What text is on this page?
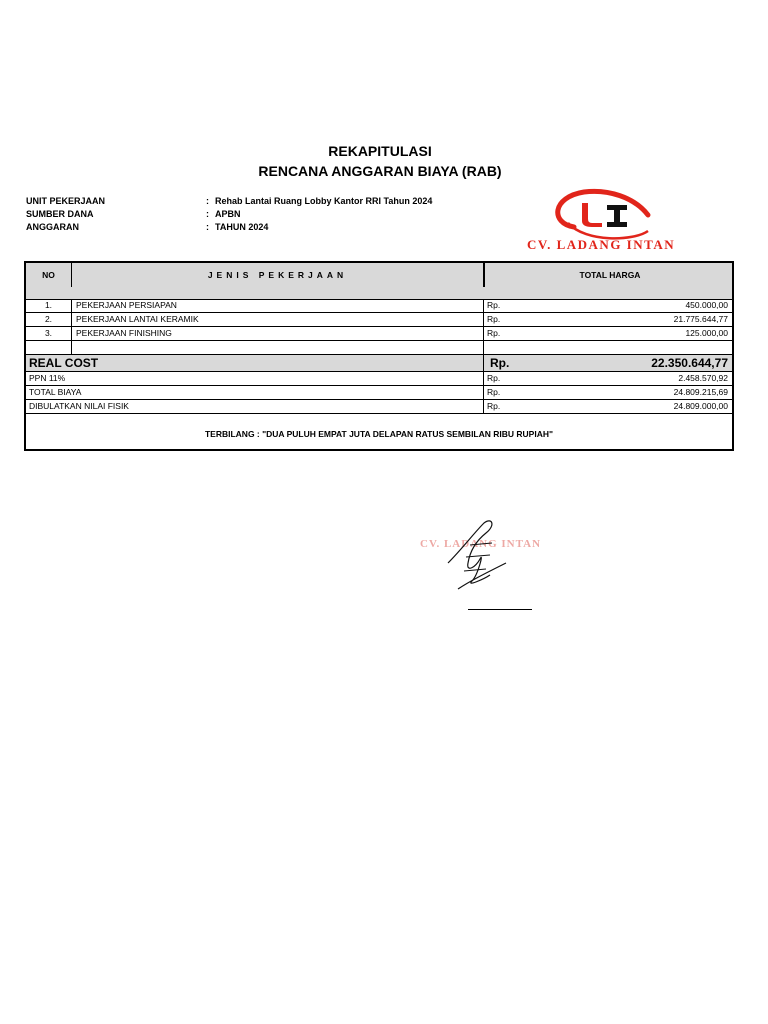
REKAPITULASI
RENCANA ANGGARAN BIAYA (RAB)
UNIT PEKERJAAN	: Rehab Lantai Ruang Lobby Kantor RRI Tahun 2024
SUMBER DANA	: APBN
ANGGARAN	: TAHUN 2024
CV. LADANG INTAN
NO	JENIS PEKERJAAN	TOTAL HARGA
1.	PEKERJAAN PERSIAPAN	Rp.	450.000,00
2.	PEKERJAAN LANTAI KERAMIK	Rp.	21.775.644,77
3.	PEKERJAAN FINISHING	Rp.	125.000,00
REAL COST	Rp.	22.350.644,77
PPN 11%	Rp.	2.458.570,92
TOTAL BIAYA	Rp.	24.809.215,69
DIBULATKAN NILAI FISIK	Rp.	24.809.000,00
TERBILANG : "DUA PULUH EMPAT JUTA DELAPAN RATUS SEMBILAN RIBU RUPIAH"
CV. LADANG INTAN
